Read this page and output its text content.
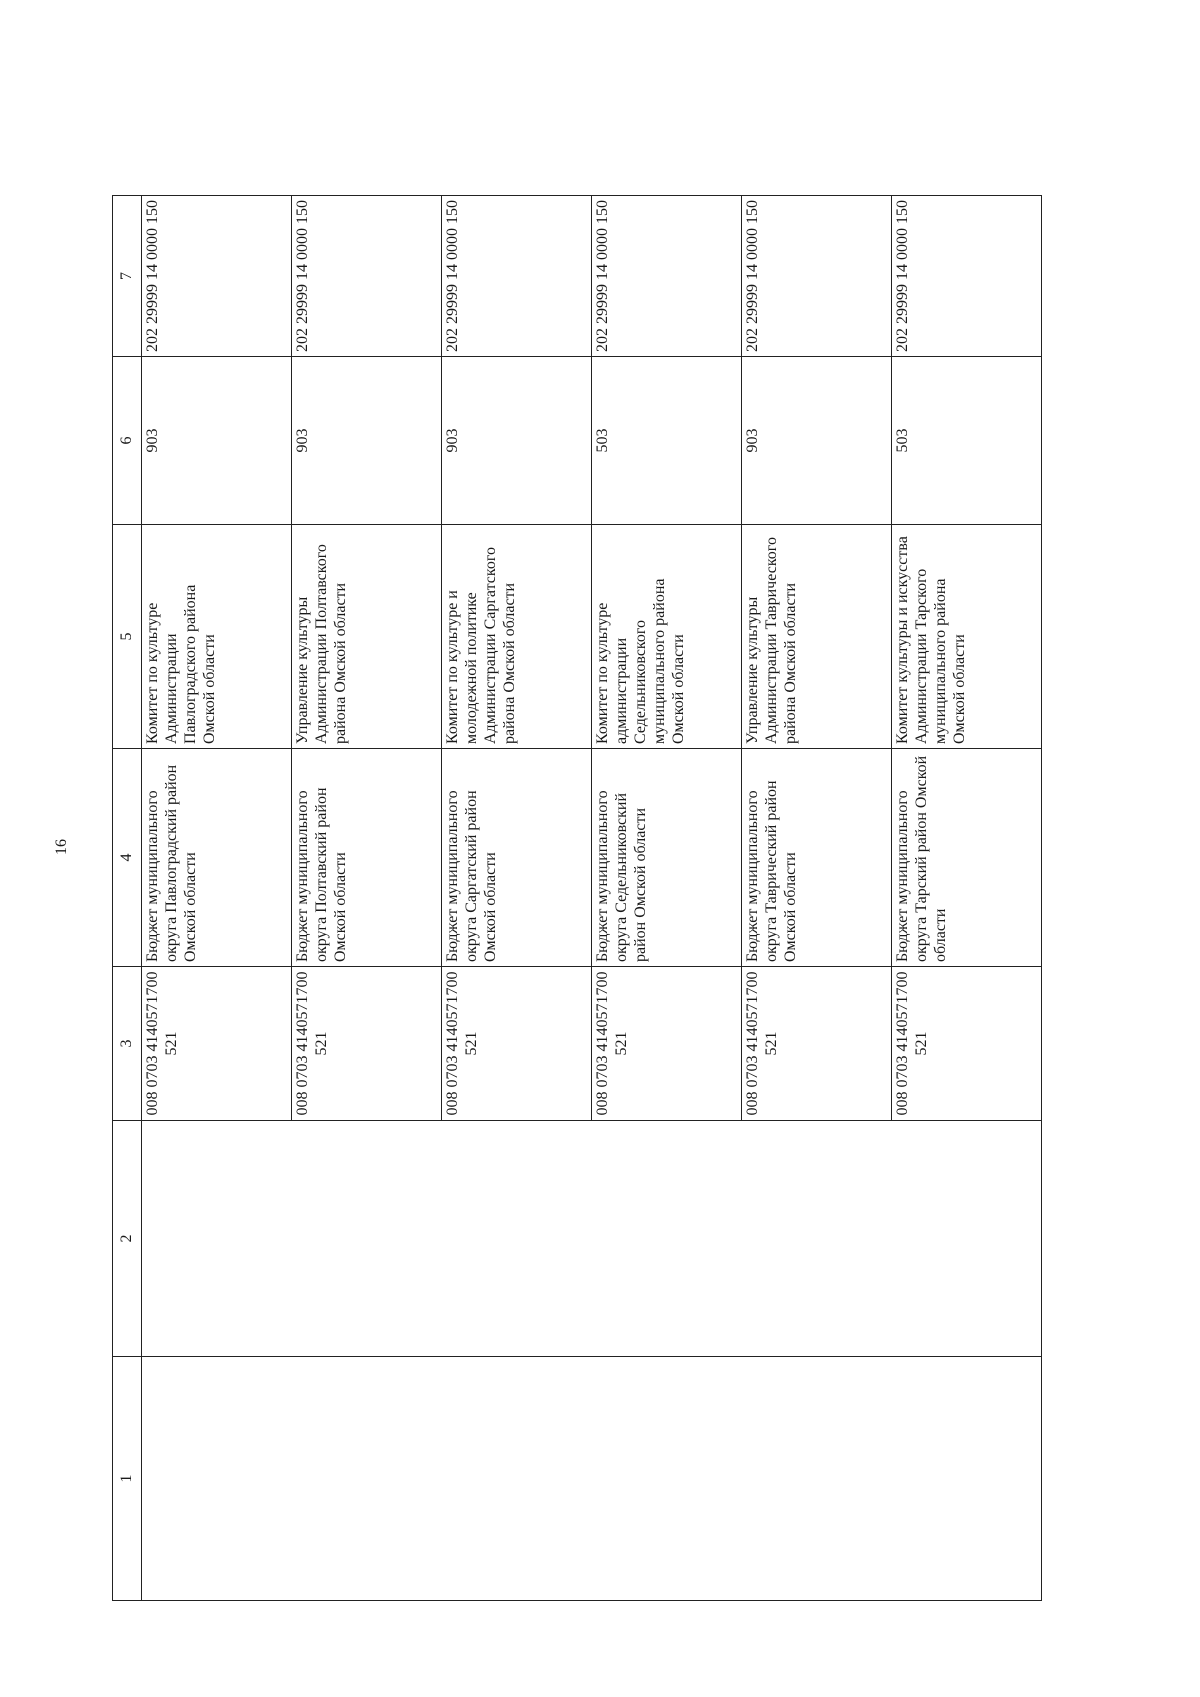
16
1	2	3	4	5	6	7
		008 0703 4140571700 521	Бюджет муниципального округа Павлоградский район Омской области	Комитет по культуре Администрации Павлоградского района Омской области	903	202 29999 14 0000 150
		008 0703 4140571700 521	Бюджет муниципального округа Полтавский район Омской области	Управление культуры Администрации Полтавского района Омской области	903	202 29999 14 0000 150
		008 0703 4140571700 521	Бюджет муниципального округа Саргатский район Омской области	Комитет по культуре и молодежной политике Администрации Саргатского района Омской области	903	202 29999 14 0000 150
		008 0703 4140571700 521	Бюджет муниципального округа Седельниковский район Омской области	Комитет по культуре администрации Седельниковского муниципального района Омской области	503	202 29999 14 0000 150
		008 0703 4140571700 521	Бюджет муниципального округа Таврический район Омской области	Управление культуры Администрации Таврического района Омской области	903	202 29999 14 0000 150
		008 0703 4140571700 521	Бюджет муниципального округа Тарский район Омской области	Комитет культуры и искусства Администрации Тарского муниципального района Омской области	503	202 29999 14 0000 150
